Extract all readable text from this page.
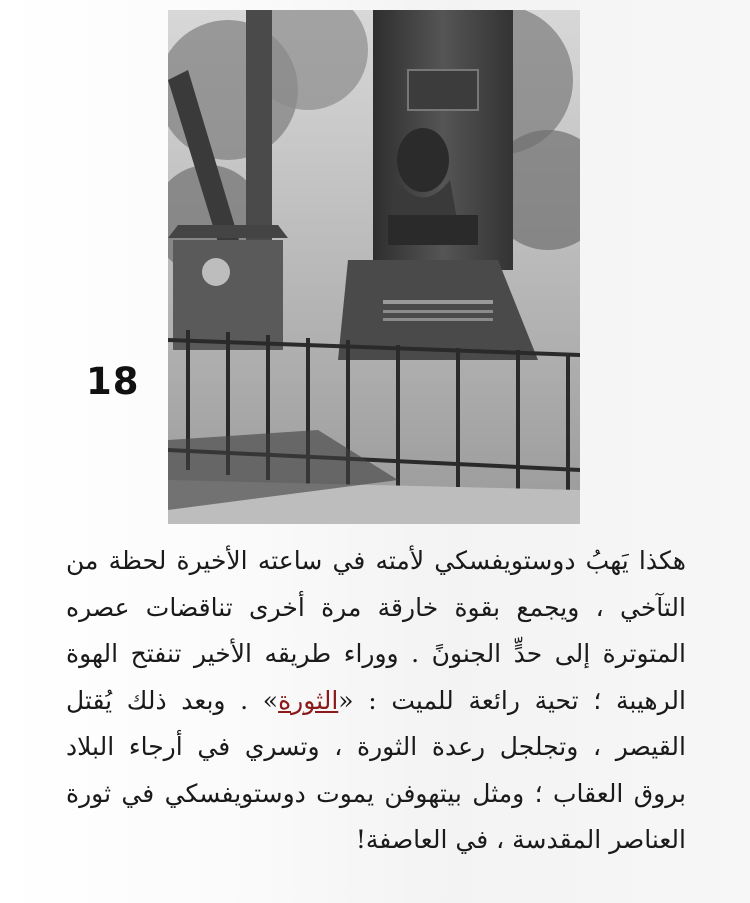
18
هكذا يَهبُ دوستويفسكي لأمته في ساعته الأخيرة لحظة من
التآخي ، ويجمع بقوة خارقة مرة أخرى تناقضات عصره
المتوترة إلى حدٍّ الجنونً . ووراء طريقه الأخير تنفتح الهوة
الرهيبة ؛ تحية رائعة للميت : «الثورة» . وبعد ذلك يُقتل
القيصر ، وتجلجل رعدة الثورة ، وتسري في أرجاء البلاد
بروق العقاب ؛ ومثل بيتهوفن يموت دوستويفسكي في ثورة
العناصر المقدسة ، في العاصفة!
